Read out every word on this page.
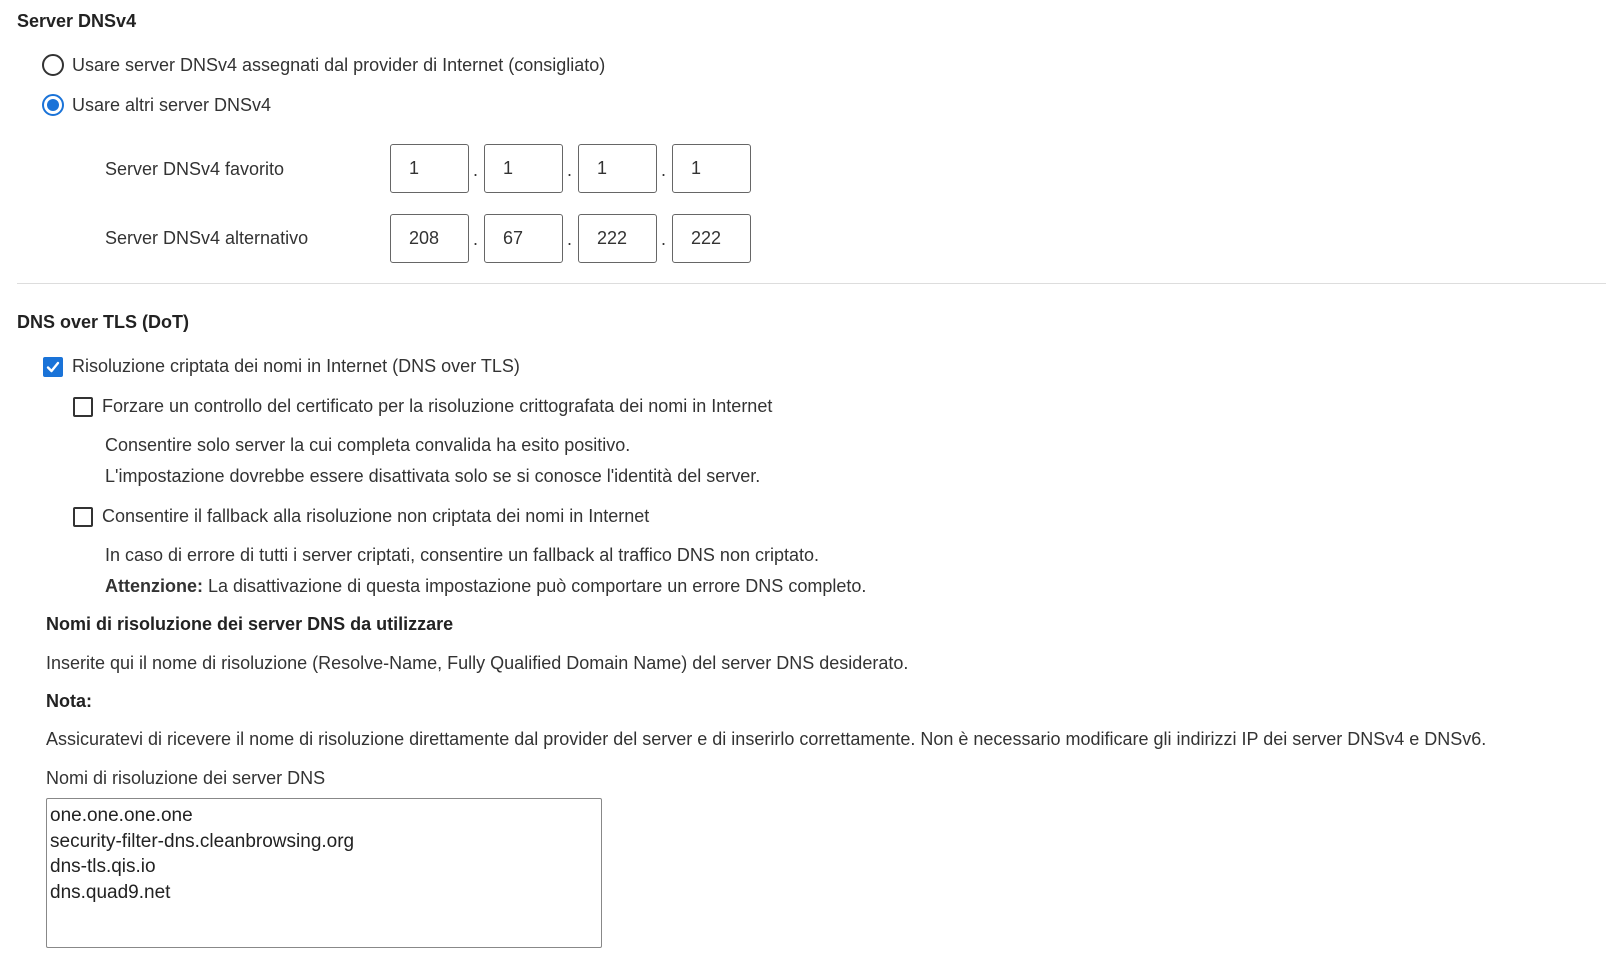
Server DNSv4
Usare server DNSv4 assegnati dal provider di Internet (consigliato)
Usare altri server DNSv4
Server DNSv4 favorito
1	.
1	.
1	.
1
Server DNSv4 alternativo
208	.
67	.
222	.
222
DNS over TLS (DoT)
Risoluzione criptata dei nomi in Internet (DNS over TLS)
Forzare un controllo del certificato per la risoluzione crittografata dei nomi in Internet
Consentire solo server la cui completa convalida ha esito positivo.
L'impostazione dovrebbe essere disattivata solo se si conosce l'identità del server.
Consentire il fallback alla risoluzione non criptata dei nomi in Internet
In caso di errore di tutti i server criptati, consentire un fallback al traffico DNS non criptato.
Attenzione: La disattivazione di questa impostazione può comportare un errore DNS completo.
Nomi di risoluzione dei server DNS da utilizzare
Inserite qui il nome di risoluzione (Resolve-Name, Fully Qualified Domain Name) del server DNS desiderato.
Nota:
Assicuratevi di ricevere il nome di risoluzione direttamente dal provider del server e di inserirlo correttamente. Non è necessario modificare gli indirizzi IP dei server DNSv4 e DNSv6.
Nomi di risoluzione dei server DNS
one.one.one.one security-filter-dns.cleanbrowsing.org dns-tls.qis.io dns.quad9.net
